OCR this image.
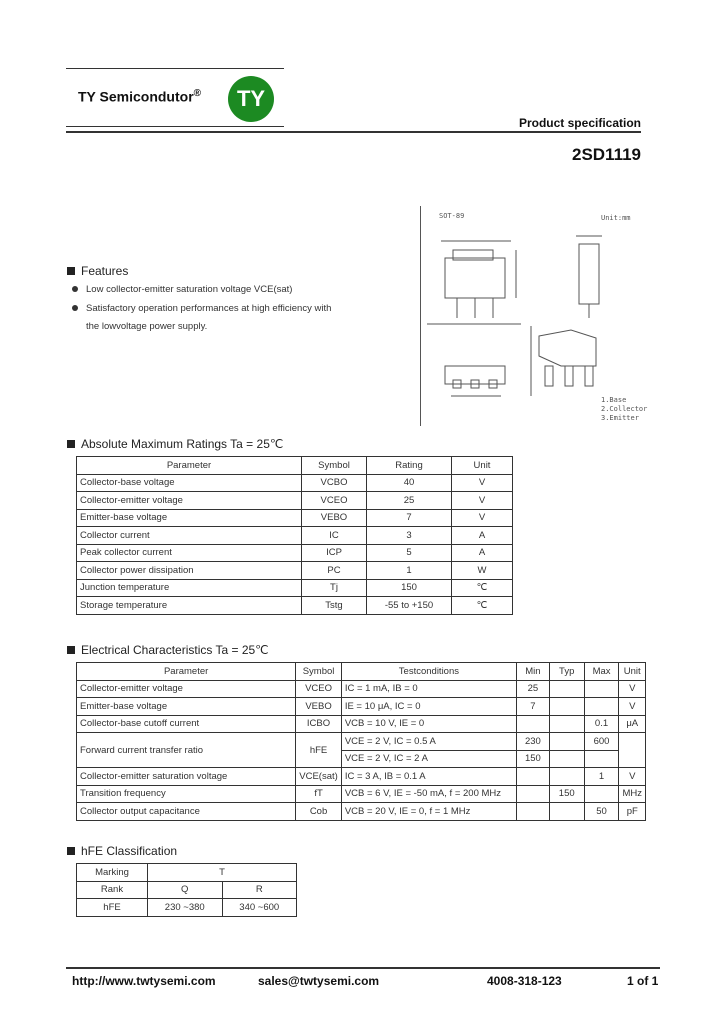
TY Semicondutor®	TY
Product specification
2SD1119
SOT-89	Unit:mm
1.Base
2.Collector
3.Emitter
Features
Low collector-emitter saturation voltage VCE(sat)
Satisfactory operation performances at high efficiency with
the lowvoltage power supply.
Absolute Maximum Ratings Ta = 25℃
Parameter	Symbol	Rating	Unit
Collector-base voltage	VCBO	40	V
Collector-emitter voltage	VCEO	25	V
Emitter-base voltage	VEBO	7	V
Collector current	IC	3	A
Peak collector current	ICP	5	A
Collector power dissipation	PC	1	W
Junction temperature	Tj	150	℃
Storage temperature	Tstg	-55 to +150	℃
Electrical Characteristics Ta = 25℃
Parameter	Symbol	Testconditions	Min	Typ	Max	Unit
Collector-emitter voltage	VCEO	IC = 1 mA, IB = 0	25			V
Emitter-base voltage	VEBO	IE = 10 μA, IC = 0	7			V
Collector-base cutoff current	ICBO	VCB = 10 V, IE = 0			0.1	μA
Forward current transfer ratio	hFE	VCE = 2 V, IC = 0.5 A	230		600	
		VCE = 2 V, IC = 2 A	150			
Collector-emitter saturation voltage	VCE(sat)	IC = 3 A, IB = 0.1 A			1	V
Transition frequency	fT	VCB = 6 V, IE = -50 mA, f = 200 MHz		150		MHz
Collector output capacitance	Cob	VCB = 20 V, IE = 0, f = 1 MHz			50	pF
hFE Classification
Marking	T	
Rank	Q	R
hFE	230 ~380	340 ~600
http://www.twtysemi.com	sales@twtysemi.com	4008-318-123	1 of 1
